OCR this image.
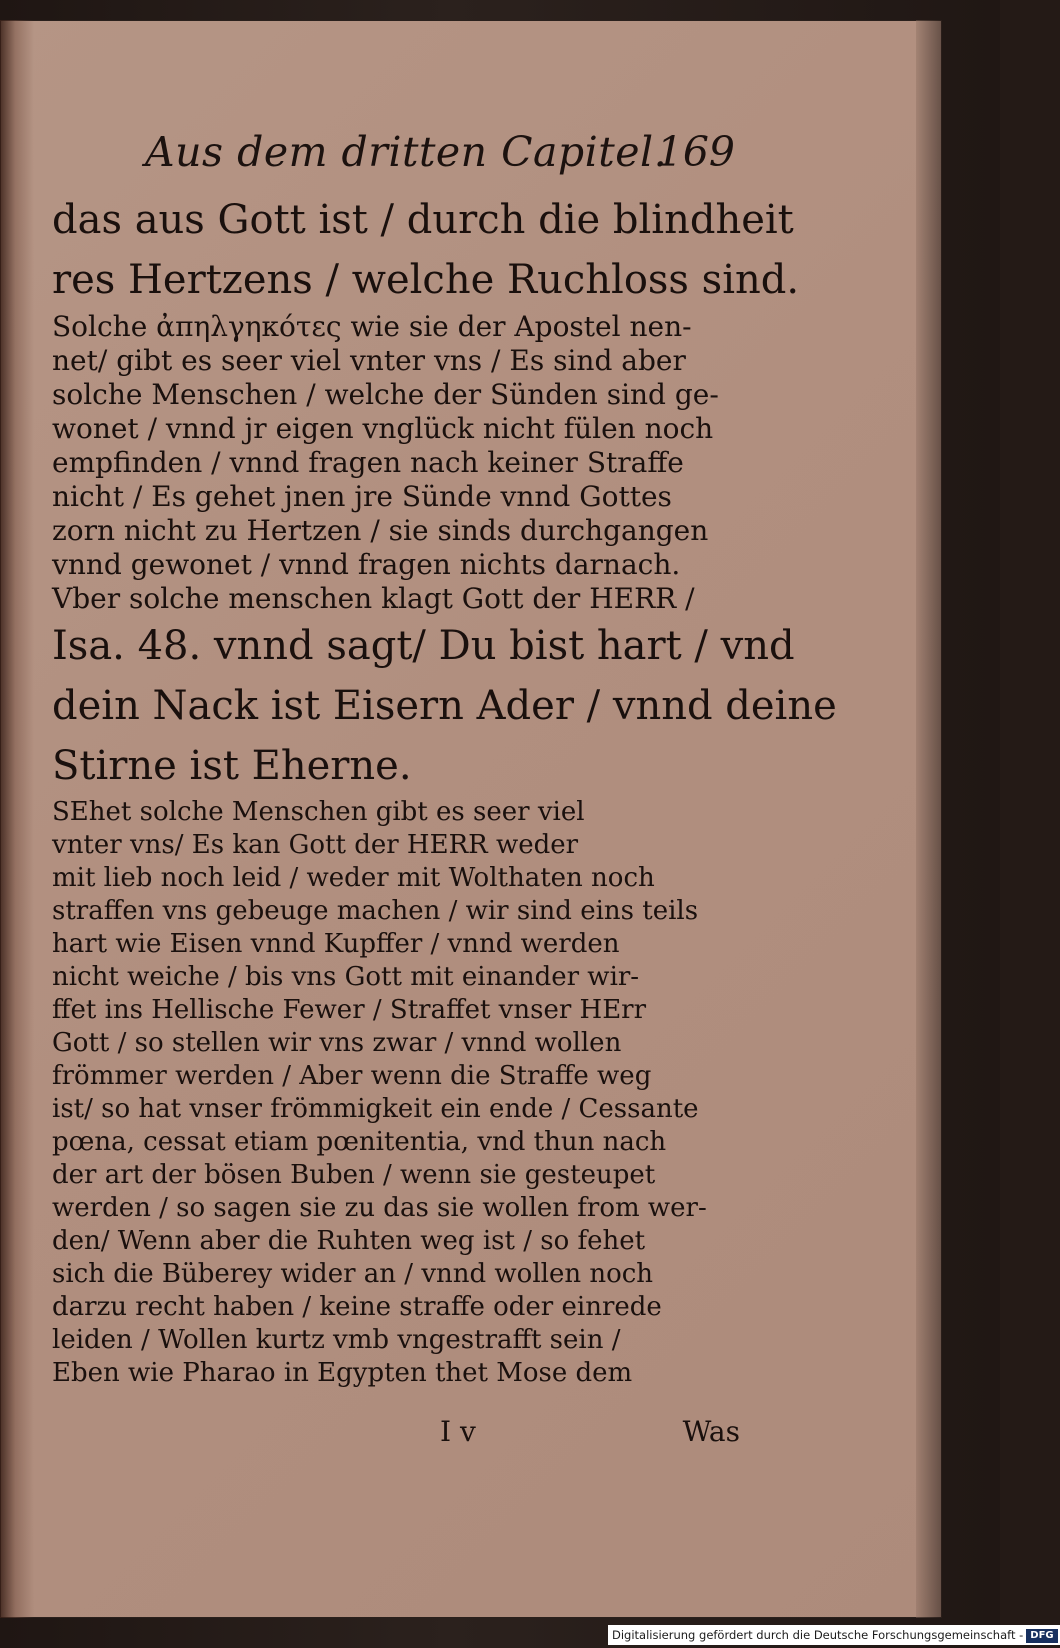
Aus dem dritten Capitel.
169
das aus Gott ist / durch die blindheit
res Hertzens / welche Ruchloss sind.
Solche ἀπηλγηκότες wie sie der Apostel nen-
net/ gibt es seer viel vnter vns / Es sind aber
solche Menschen / welche der Sünden sind ge-
wonet / vnnd jr eigen vnglück nicht fülen noch
empfinden / vnnd fragen nach keiner Straffe
nicht / Es gehet jnen jre Sünde vnnd Gottes
zorn nicht zu Hertzen / sie sinds durchgangen
vnnd gewonet / vnnd fragen nichts darnach.
Vber solche menschen klagt Gott der HERR /
Isa. 48. vnnd sagt/ Du bist hart / vnd
dein Nack ist Eisern Ader / vnnd deine
Stirne ist Eherne.
SEhet solche Menschen gibt es seer viel
vnter vns/ Es kan Gott der HERR weder
mit lieb noch leid / weder mit Wolthaten noch
straffen vns gebeuge machen / wir sind eins teils
hart wie Eisen vnnd Kupffer / vnnd werden
nicht weiche / bis vns Gott mit einander wir-
ffet ins Hellische Fewer / Straffet vnser HErr
Gott / so stellen wir vns zwar / vnnd wollen
frömmer werden / Aber wenn die Straffe weg
ist/ so hat vnser frömmigkeit ein ende / Cessante
pœna, cessat etiam pœnitentia, vnd thun nach
der art der bösen Buben / wenn sie gesteupet
werden / so sagen sie zu das sie wollen from wer-
den/ Wenn aber die Ruhten weg ist / so fehet
sich die Büberey wider an / vnnd wollen noch
darzu recht haben / keine straffe oder einrede
leiden / Wollen kurtz vmb vngestrafft sein /
Eben wie Pharao in Egypten thet Mose dem
I v	Was
Digitalisierung gefördert durch die Deutsche Forschungsgemeinschaft - DFG
